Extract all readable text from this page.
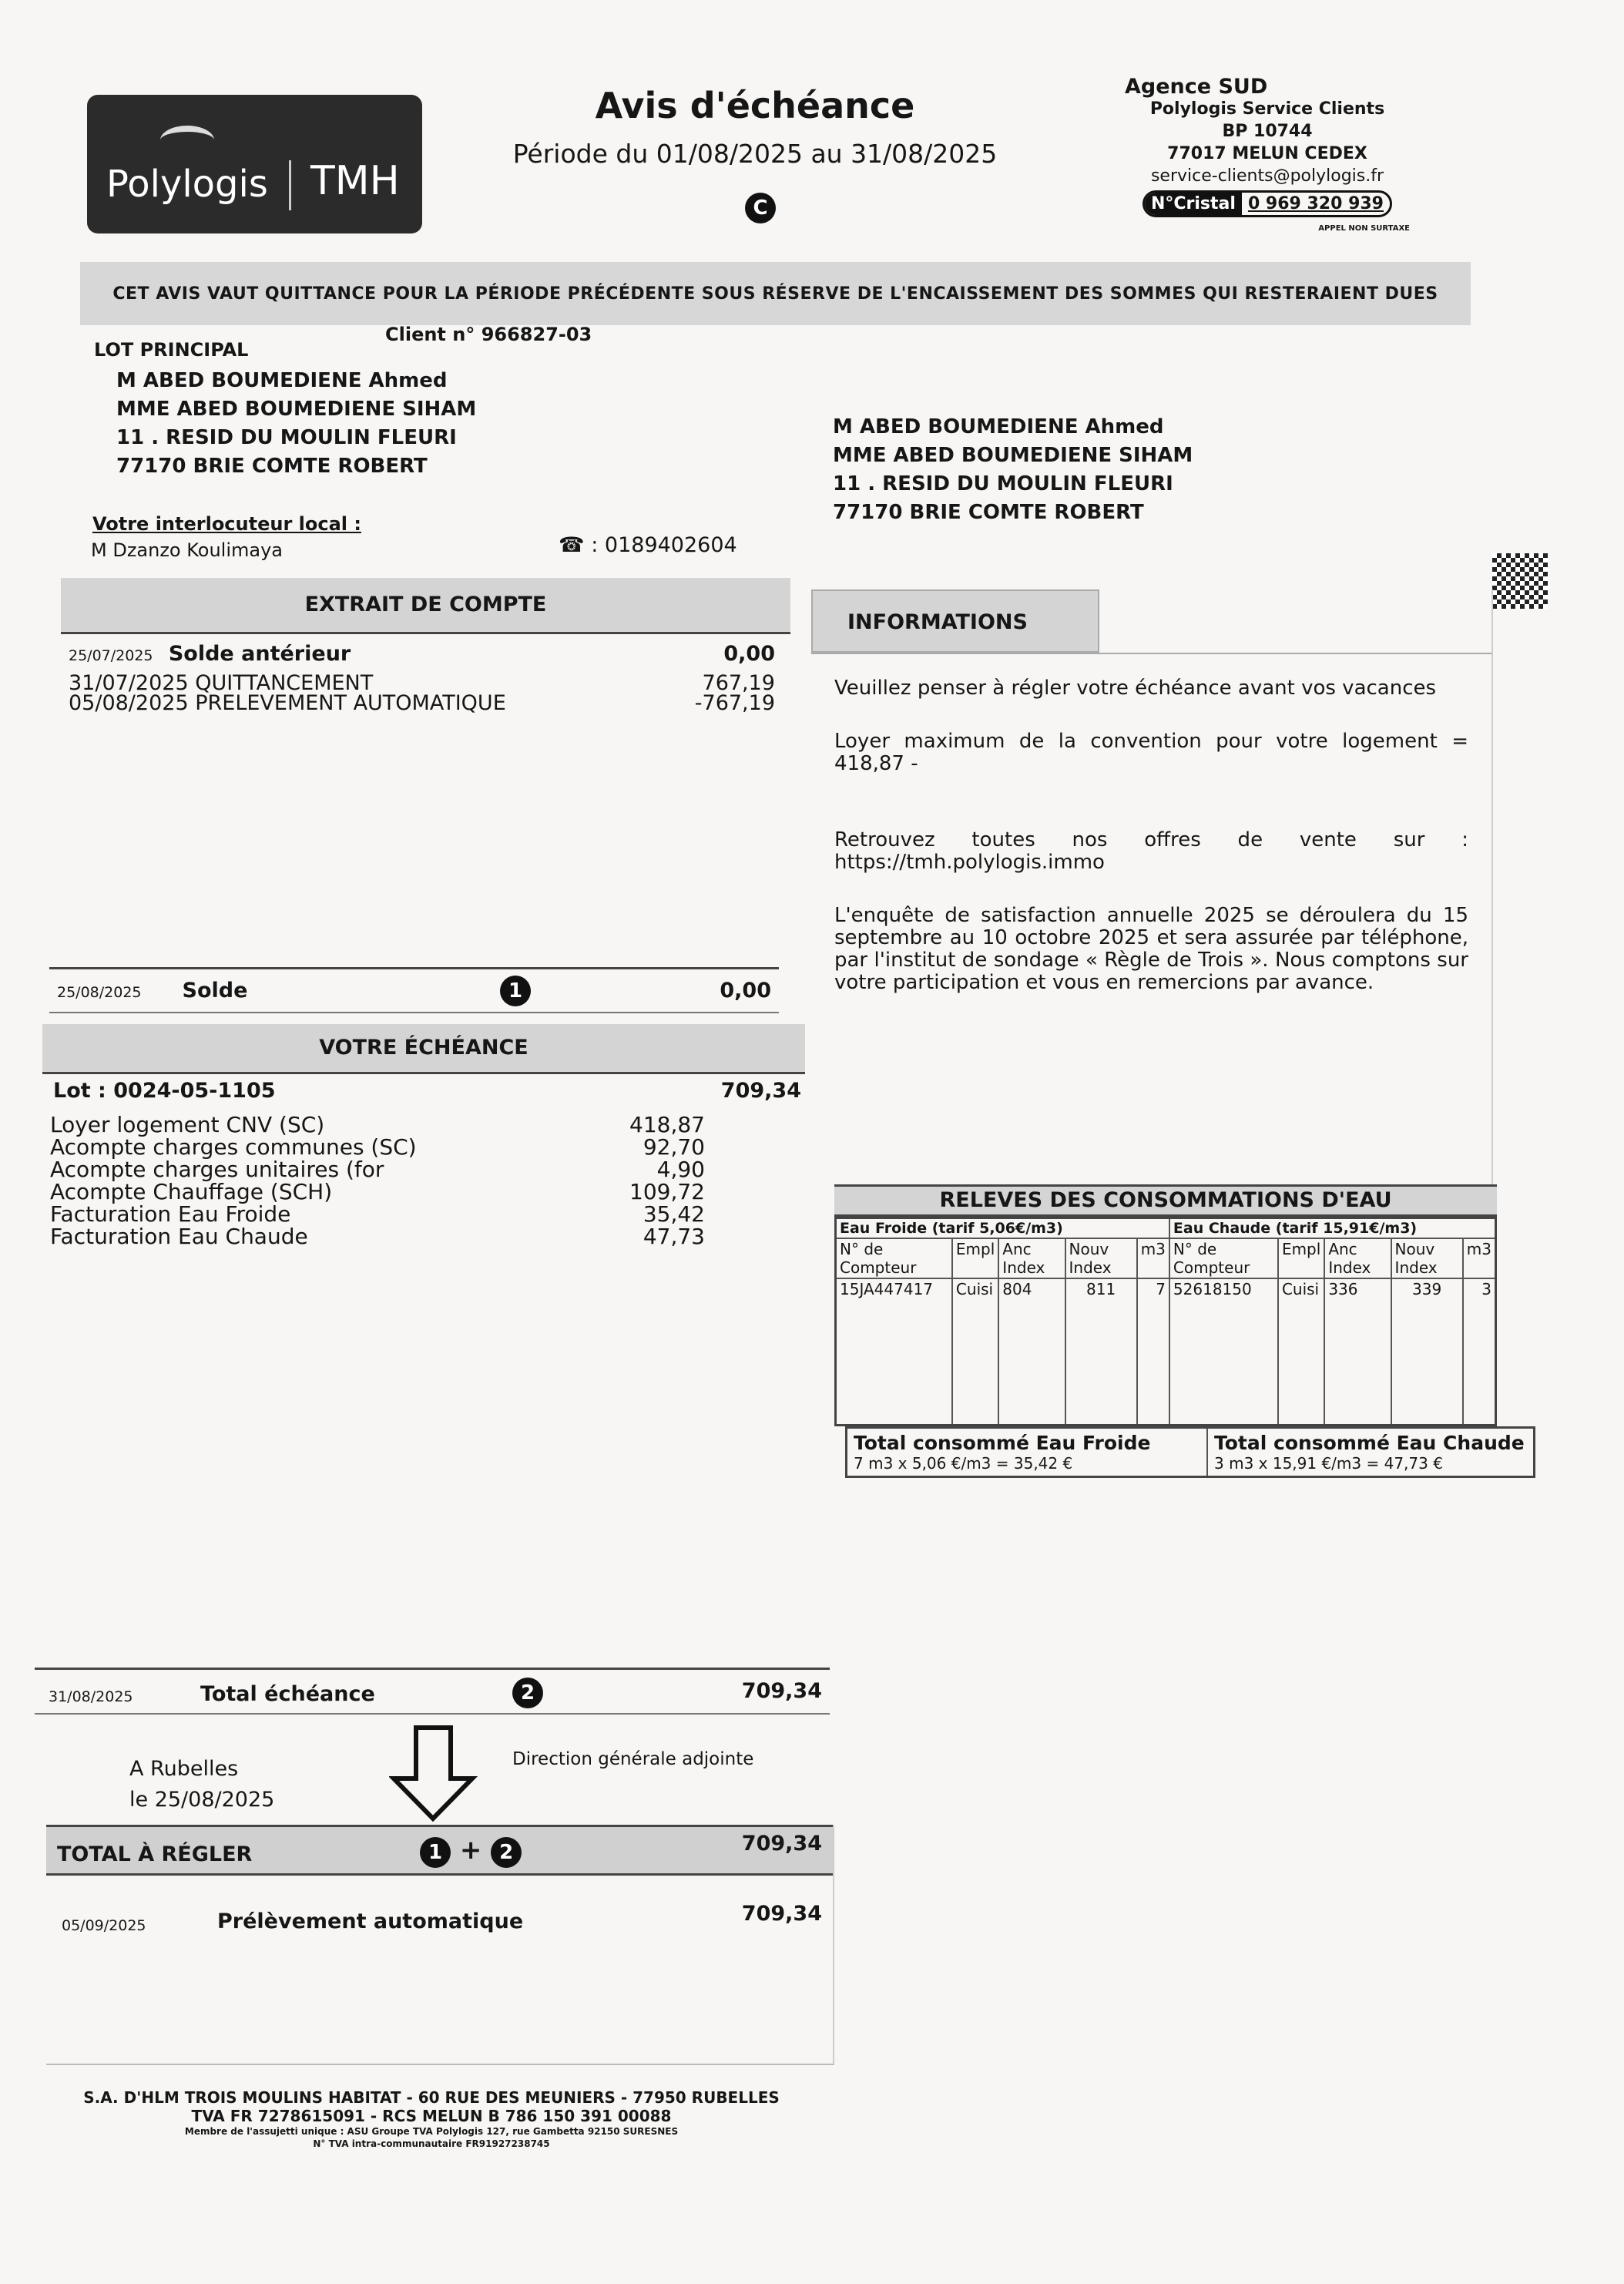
Polylogis TMH
Avis d'échéance
Période du 01/08/2025 au 31/08/2025
C
Agence SUD
Polylogis Service Clients
BP 10744
77017 MELUN CEDEX
service-clients@polylogis.fr
N°Cristal 0 969 320 939
APPEL NON SURTAXE
CET AVIS VAUT QUITTANCE POUR LA PÉRIODE PRÉCÉDENTE SOUS RÉSERVE DE L'ENCAISSEMENT DES SOMMES QUI RESTERAIENT DUES
LOT PRINCIPAL
Client n° 966827-03
M ABED BOUMEDIENE Ahmed
MME ABED BOUMEDIENE SIHAM
11 . RESID DU MOULIN FLEURI
77170 BRIE COMTE ROBERT
Votre interlocuteur local :
M Dzanzo Koulimaya	☎ : 0189402604
M ABED BOUMEDIENE Ahmed
MME ABED BOUMEDIENE SIHAM
11 . RESID DU MOULIN FLEURI
77170 BRIE COMTE ROBERT
EXTRAIT DE COMPTE
25/07/2025 Solde antérieur	0,00
31/07/2025 QUITTANCEMENT	767,19
05/08/2025 PRELEVEMENT AUTOMATIQUE	-767,19
25/08/2025 Solde	1	0,00
VOTRE ÉCHÉANCE
Lot : 0024-05-1105	709,34
Loyer logement CNV (SC)	418,87
Acompte charges communes (SC)	92,70
Acompte charges unitaires (for	4,90
Acompte Chauffage (SCH)	109,72
Facturation Eau Froide	35,42
Facturation Eau Chaude	47,73
31/08/2025	Total échéance	2	709,34
A Rubelles
le 25/08/2025
Direction générale adjointe
TOTAL À RÉGLER	1 + 2	709,34
05/09/2025	Prélèvement automatique	709,34
INFORMATIONS

Veuillez penser à régler votre échéance avant vos vacances

Loyer maximum de la convention pour votre logement = 418,87 -

Retrouvez toutes nos offres de vente sur : https://tmh.polylogis.immo

L'enquête de satisfaction annuelle 2025 se déroulera du 15 septembre au 10 octobre 2025 et sera assurée par téléphone, par l'institut de sondage « Règle de Trois ». Nous comptons sur votre participation et vous en remercions par avance.

RELEVES DES CONSOMMATIONS D'EAU
Eau Froide (tarif 5,06€/m3)					Eau Chaude (tarif 15,91€/m3)				
N° de Compteur	Empl	Anc Index	Nouv Index	m3	N° de Compteur	Empl	Anc Index	Nouv Index	m3
15JA447417	Cuisi	804	811	7	52618150	Cuisi	336	339	3
Total consommé Eau Froide
7 m3 x 5,06 €/m3 = 35,42 €
Total consommé Eau Chaude
3 m3 x 15,91 €/m3 = 47,73 €
S.A. D'HLM TROIS MOULINS HABITAT - 60 RUE DES MEUNIERS - 77950 RUBELLES
TVA FR 7278615091 - RCS MELUN B 786 150 391 00088
Membre de l'assujetti unique : ASU Groupe TVA Polylogis 127, rue Gambetta 92150 SURESNES
N° TVA intra-communautaire FR91927238745
